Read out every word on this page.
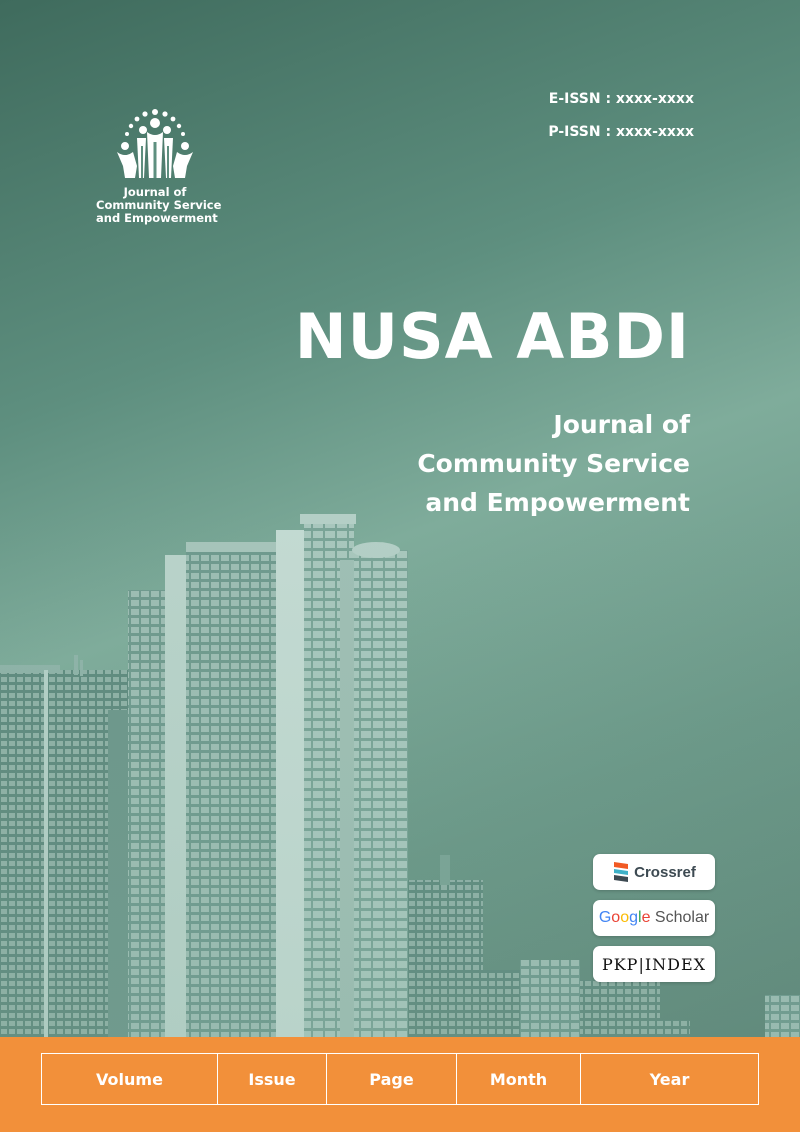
E-ISSN : xxxx-xxxx
P-ISSN : xxxx-xxxx
Journal of
Community Service
and Empowerment
NUSA ABDI
Journal of
Community Service
Crossref
Google Scholar
PKP|INDEX
Volume	Issue	Page	Month	Year
